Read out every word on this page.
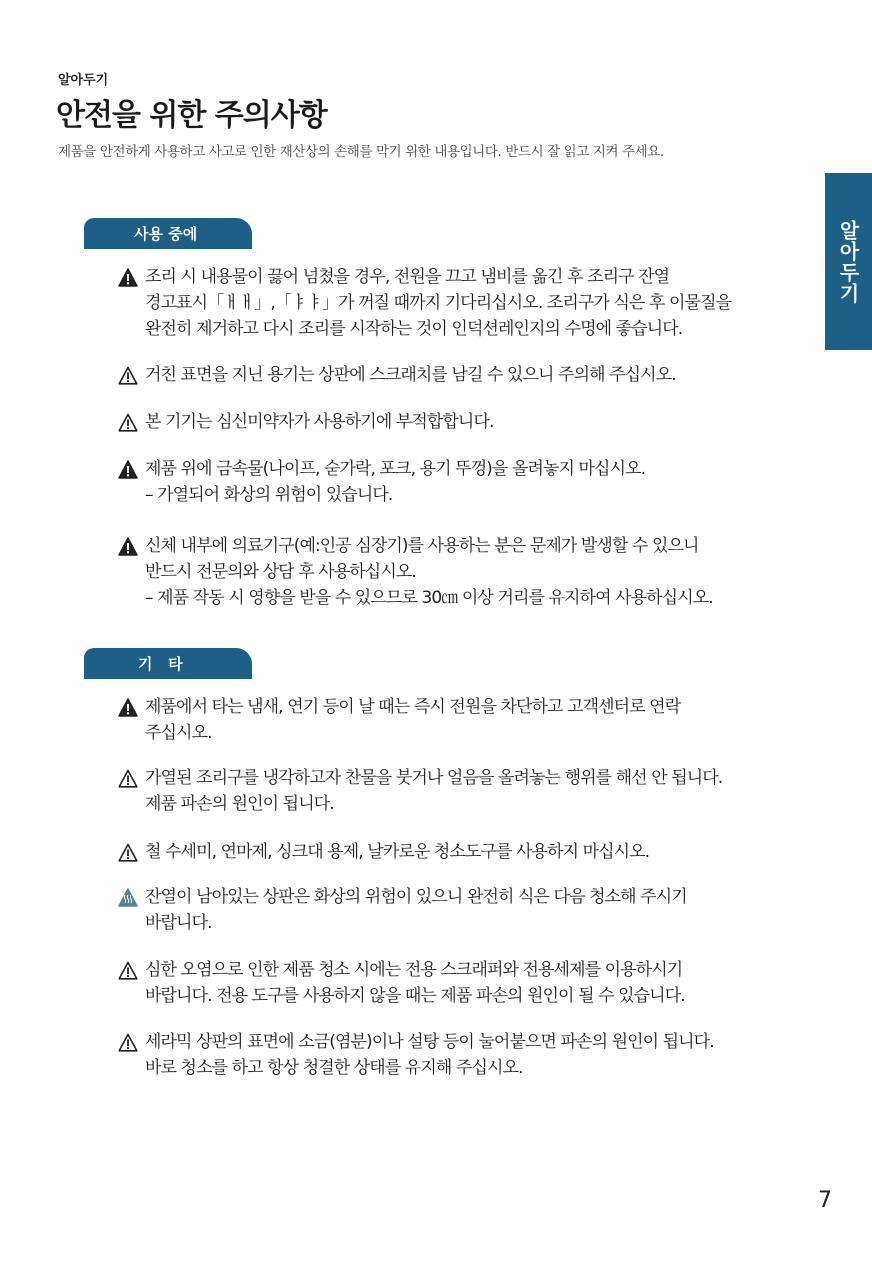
알아두기
안전을 위한 주의사항
제품을 안전하게 사용하고 사고로 인한 재산상의 손해를 막기 위한 내용입니다. 반드시 잘 읽고 지켜 주세요.
알아두기
사용 중에
조리 시 내용물이 끓어 넘쳤을 경우, 전원을 끄고 냄비를 옮긴 후 조리구 잔열
경고표시「ㅐㅐ」,「ㅑㅑ」가 꺼질 때까지 기다리십시오. 조리구가 식은 후 이물질을
완전히 제거하고 다시 조리를 시작하는 것이 인덕션레인지의 수명에 좋습니다.
거친 표면을 지닌 용기는 상판에 스크래치를 남길 수 있으니 주의해 주십시오.
본 기기는 심신미약자가 사용하기에 부적합합니다.
제품 위에 금속물(나이프, 숟가락, 포크, 용기 뚜껑)을 올려놓지 마십시오.
– 가열되어 화상의 위험이 있습니다.
신체 내부에 의료기구(예:인공 심장기)를 사용하는 분은 문제가 발생할 수 있으니
반드시 전문의와 상담 후 사용하십시오.
– 제품 작동 시 영향을 받을 수 있으므로 30㎝ 이상 거리를 유지하여 사용하십시오.
기   타
제품에서 타는 냄새, 연기 등이 날 때는 즉시 전원을 차단하고 고객센터로 연락
주십시오.
가열된 조리구를 냉각하고자 찬물을 붓거나 얼음을 올려놓는 행위를 해선 안 됩니다.
제품 파손의 원인이 됩니다.
철 수세미, 연마제, 싱크대 용제, 날카로운 청소도구를 사용하지 마십시오.
잔열이 남아있는 상판은 화상의 위험이 있으니 완전히 식은 다음 청소해 주시기
바랍니다.
심한 오염으로 인한 제품 청소 시에는 전용 스크래퍼와 전용세제를 이용하시기
바랍니다. 전용 도구를 사용하지 않을 때는 제품 파손의 원인이 될 수 있습니다.
세라믹 상판의 표면에 소금(염분)이나 설탕 등이 눌어붙으면 파손의 원인이 됩니다.
바로 청소를 하고 항상 청결한 상태를 유지해 주십시오.
7
